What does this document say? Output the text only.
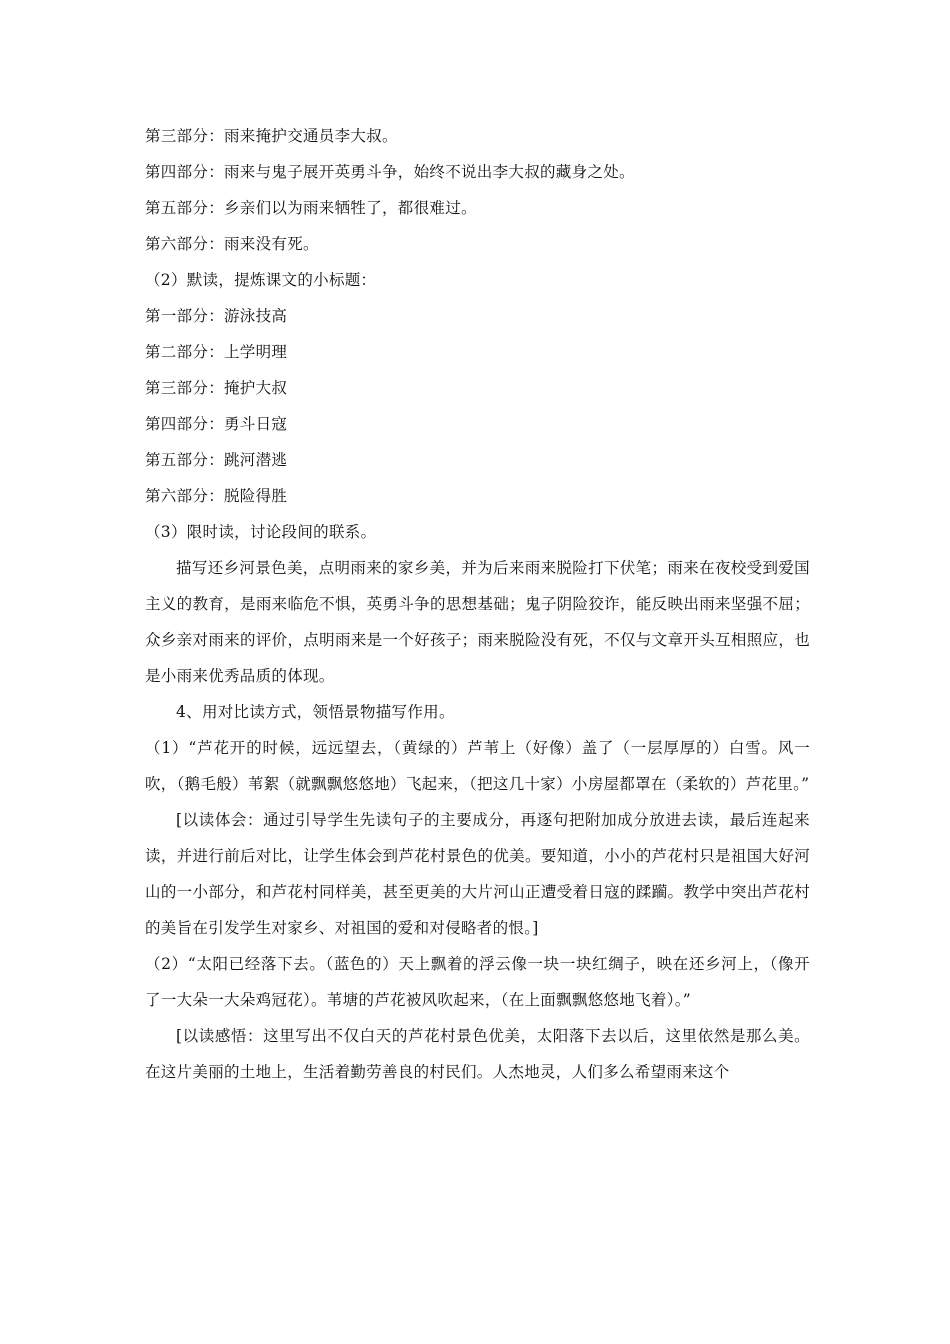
第三部分：雨来掩护交通员李大叔。
第四部分：雨来与鬼子展开英勇斗争，始终不说出李大叔的藏身之处。
第五部分：乡亲们以为雨来牺牲了，都很难过。
第六部分：雨来没有死。
（2）默读，提炼课文的小标题：
第一部分：游泳技高
第二部分：上学明理
第三部分：掩护大叔
第四部分：勇斗日寇
第五部分：跳河潜逃
第六部分：脱险得胜
（3）限时读，讨论段间的联系。
描写还乡河景色美，点明雨来的家乡美，并为后来雨来脱险打下伏笔；雨来在夜校受到爱国主义的教育，是雨来临危不惧，英勇斗争的思想基础；鬼子阴险狡诈，能反映出雨来坚强不屈；众乡亲对雨来的评价，点明雨来是一个好孩子；雨来脱险没有死，不仅与文章开头互相照应，也是小雨来优秀品质的体现。
4、用对比读方式，领悟景物描写作用。
（1）“芦花开的时候，远远望去，（黄绿的）芦苇上（好像）盖了（一层厚厚的）白雪。风一吹，（鹅毛般）苇絮（就飘飘悠悠地）飞起来，（把这几十家）小房屋都罩在（柔软的）芦花里。”
[以读体会：通过引导学生先读句子的主要成分，再逐句把附加成分放进去读，最后连起来读，并进行前后对比，让学生体会到芦花村景色的优美。要知道，小小的芦花村只是祖国大好河山的一小部分，和芦花村同样美，甚至更美的大片河山正遭受着日寇的蹂躏。教学中突出芦花村的美旨在引发学生对家乡、对祖国的爱和对侵略者的恨。]
（2）“太阳已经落下去。（蓝色的）天上飘着的浮云像一块一块红绸子，映在还乡河上，（像开了一大朵一大朵鸡冠花）。苇塘的芦花被风吹起来，（在上面飘飘悠悠地飞着）。”
[以读感悟：这里写出不仅白天的芦花村景色优美，太阳落下去以后，这里依然是那么美。在这片美丽的土地上，生活着勤劳善良的村民们。人杰地灵，人们多么希望雨来这个
